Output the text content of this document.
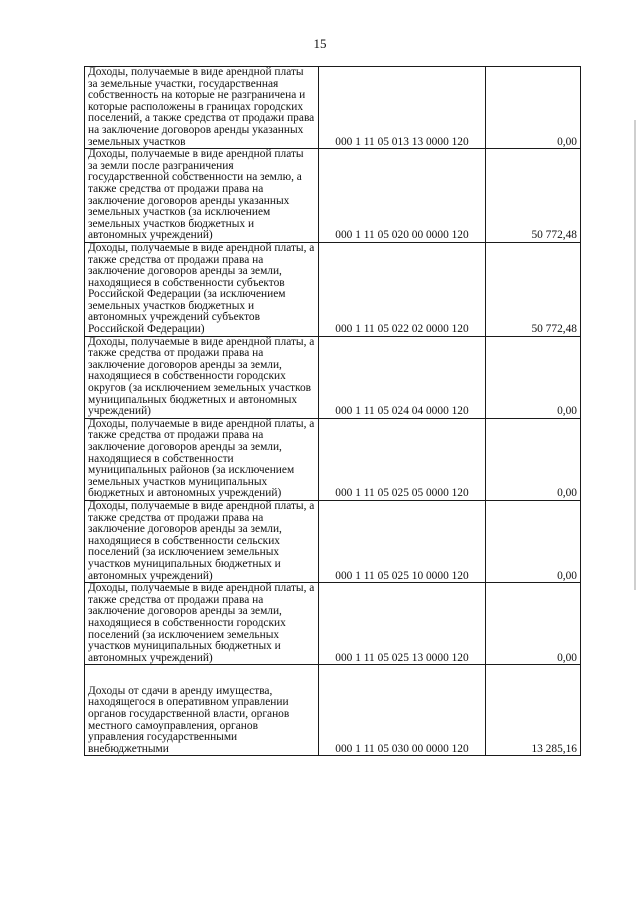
15
Доходы, получаемые в виде арендной платы за земельные участки, государственная собственность на которые не разграничена и которые расположены в границах городских поселений, а также средства от продажи права на заключение договоров аренды указанных земельных участков	000 1 11 05 013 13 0000 120	0,00
Доходы, получаемые в виде арендной платы за земли после разграничения государственной собственности на землю, а также средства от продажи права на заключение договоров аренды указанных земельных участков (за исключением земельных участков бюджетных и автономных учреждений)	000 1 11 05 020 00 0000 120	50 772,48
Доходы, получаемые в виде арендной платы, а также средства от продажи права на заключение договоров аренды за земли, находящиеся в собственности субъектов Российской Федерации (за исключением земельных участков бюджетных и автономных учреждений субъектов Российской Федерации)	000 1 11 05 022 02 0000 120	50 772,48
Доходы, получаемые в виде арендной платы, а также средства от продажи права на заключение договоров аренды за земли, находящиеся в собственности городских округов (за исключением земельных участков муниципальных бюджетных и автономных учреждений)	000 1 11 05 024 04 0000 120	0,00
Доходы, получаемые в виде арендной платы, а также средства от продажи права на заключение договоров аренды за земли, находящиеся в собственности муниципальных районов (за исключением земельных участков муниципальных бюджетных и автономных учреждений)	000 1 11 05 025 05 0000 120	0,00
Доходы, получаемые в виде арендной платы, а также средства от продажи права на заключение договоров аренды за земли, находящиеся в собственности сельских поселений (за исключением земельных участков муниципальных бюджетных и автономных учреждений)	000 1 11 05 025 10 0000 120	0,00
Доходы, получаемые в виде арендной платы, а также средства от продажи права на заключение договоров аренды за земли, находящиеся в собственности городских поселений (за исключением земельных участков муниципальных бюджетных и автономных учреждений)	000 1 11 05 025 13 0000 120	0,00
Доходы от сдачи в аренду имущества, находящегося в оперативном управлении органов государственной власти, органов местного самоуправления, органов управления государственными внебюджетными	000 1 11 05 030 00 0000 120	13 285,16
